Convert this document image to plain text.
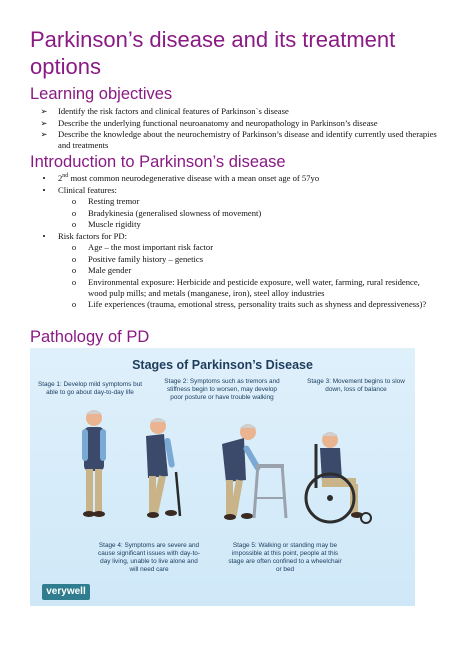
Parkinson’s disease and its treatment options
Learning objectives
➢	Identify the risk factors and clinical features of Parkinson`s disease
➢	Describe the underlying functional neuroanatomy and neuropathology in Parkinson’s disease
➢	Describe the knowledge about the neurochemistry of Parkinson’s disease and identify currently used therapies and treatments
Introduction to Parkinson’s disease
•	2nd most common neurodegenerative disease with a mean onset age of 57yo
•	Clinical features:
o	Resting tremor
o	Bradykinesia (generalised slowness of movement)
o	Muscle rigidity
•	Risk factors for PD:
o	Age – the most important risk factor
o	Positive family history – genetics
o	Male gender
o	Environmental exposure: Herbicide and pesticide exposure, well water, farming, rural residence, wood pulp mills; and metals (manganese, iron), steel alloy industries
o	Life experiences (trauma, emotional stress, personality traits such as shyness and depressiveness)?
Pathology of PD
Stages of Parkinson’s Disease
Stage 1: Develop mild symptoms but able to go about day-to-day life
Stage 2: Symptoms such as tremors and stiffness begin to worsen, may develop poor posture or have trouble walking
Stage 3: Movement begins to slow down, loss of balance
Stage 4: Symptoms are severe and cause significant issues with day-to-day living, unable to live alone and will need care
Stage 5: Walking or standing may be impossible at this point, people at this stage are often confined to a wheelchair or bed
verywell
